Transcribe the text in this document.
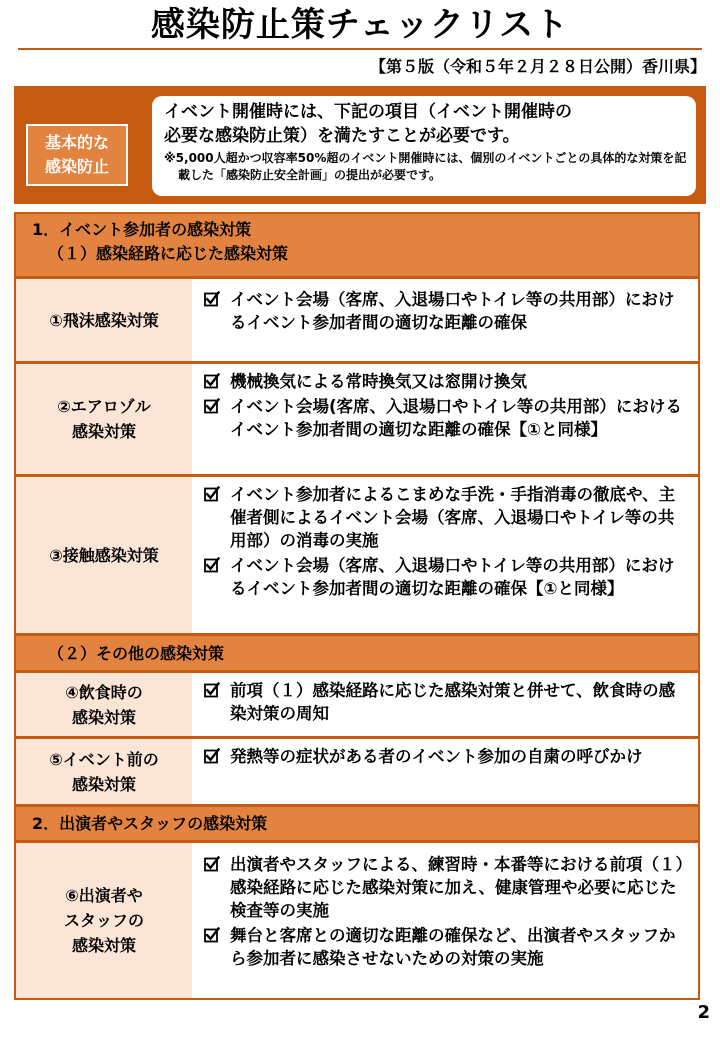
感染防止策チェックリスト
【第５版（令和５年２月２８日公開）香川県】
基本的な
感染防止

イベント開催時には、下記の項目（イベント開催時の

必要な感染防止策）を満たすことが必要です。

※5,000人超かつ収容率50%超のイベント開催時には、個別のイベントごとの具体的な対策を記載した「感染防止安全計画」の提出が必要です。

1．イベント参加者の感染対策
（１）感染経路に応じた感染対策
①飛沫感染対策
イベント会場（客席、入退場口やトイレ等の共用部）におけるイベント参加者間の適切な距離の確保
②エアロゾル
感染対策
機械換気による常時換気又は窓開け換気
イベント会場(客席、入退場口やトイレ等の共用部）におけるイベント参加者間の適切な距離の確保【①と同様】
③接触感染対策
イベント参加者によるこまめな手洗・手指消毒の徹底や、主催者側によるイベント会場（客席、入退場口やトイレ等の共用部）の消毒の実施
イベント会場（客席、入退場口やトイレ等の共用部）におけるイベント参加者間の適切な距離の確保【①と同様】
（２）その他の感染対策
④飲食時の
感染対策
前項（１）感染経路に応じた感染対策と併せて、飲食時の感染対策の周知
⑤イベント前の
感染対策
発熱等の症状がある者のイベント参加の自粛の呼びかけ
2．出演者やスタッフの感染対策
⑥出演者や
スタッフの
感染対策
出演者やスタッフによる、練習時・本番等における前項（１）感染経路に応じた感染対策に加え、健康管理や必要に応じた検査等の実施
舞台と客席との適切な距離の確保など、出演者やスタッフから参加者に感染させないための対策の実施
2
